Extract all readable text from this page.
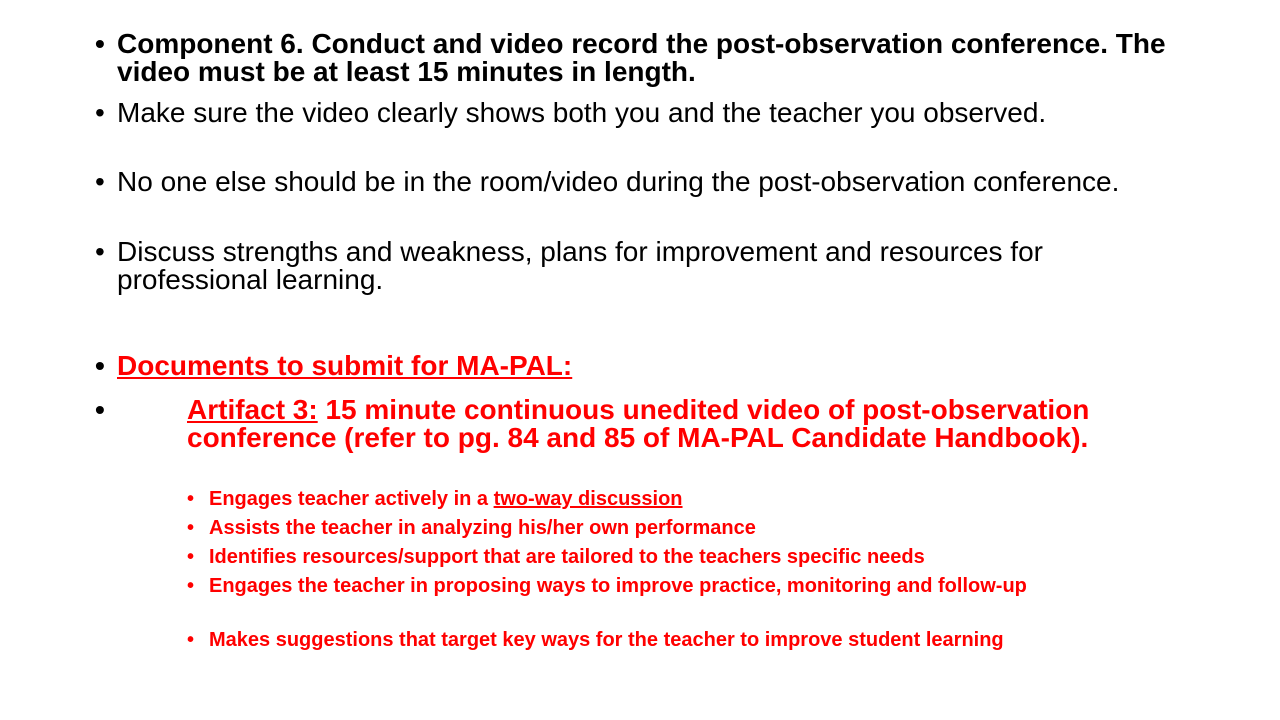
• Component 6. Conduct and video record the post-observation conference. The video must be at least 15 minutes in length.
• Make sure the video clearly shows both you and the teacher you observed.
• No one else should be in the room/video during the post-observation conference.
• Discuss strengths and weakness, plans for improvement and resources for professional learning.
• Documents to submit for MA-PAL:
•	Artifact 3: 15 minute continuous unedited video of post-observation conference (refer to pg. 84 and 85 of MA-PAL Candidate Handbook).
• Engages teacher actively in a two-way discussion
• Assists the teacher in analyzing his/her own performance
• Identifies resources/support that are tailored to the teachers specific needs
• Engages the teacher in proposing ways to improve practice, monitoring and follow-up
• Makes suggestions that target key ways for the teacher to improve student learning
